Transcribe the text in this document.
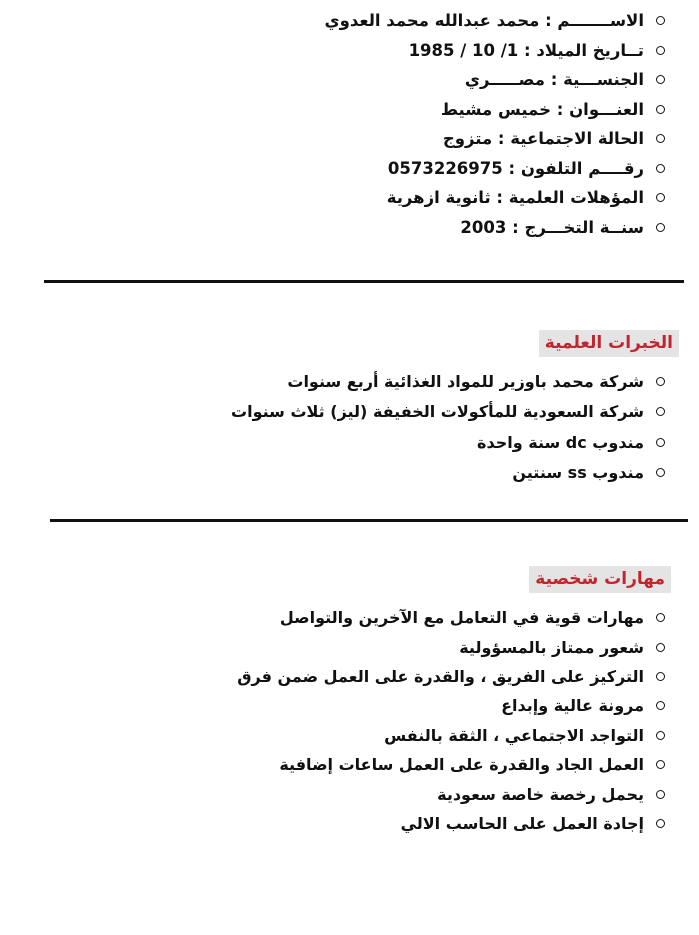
الاســـــــم : محمد عبدالله محمد العدوي
تــاريخ الميلاد : 1/ 10 / 1985
الجنســـية : مصـــــري
العنـــوان : خميس مشيط
الحالة الاجتماعية : متزوج
رقــــم التلفون : 0573226975
المؤهلات العلمية : ثانوية ازهرية
سنــة التخـــرج : 2003
الخبرات العلمية
شركة محمد باوزير للمواد الغذائية أربع سنوات
شركة السعودية للمأكولات الخفيفة (ليز) ثلاث سنوات
مندوب dc سنة واحدة
مندوب ss سنتين
مهارات شخصية
مهارات قوية في التعامل مع الآخرين والتواصل
شعور ممتاز بالمسؤولية
التركيز على الفريق ، والقدرة على العمل ضمن فرق
مرونة عالية وإبداع
التواجد الاجتماعي ، الثقة بالنفس
العمل الجاد والقدرة على العمل ساعات إضافية
يحمل رخصة خاصة سعودية
إجادة العمل على الحاسب الالي
